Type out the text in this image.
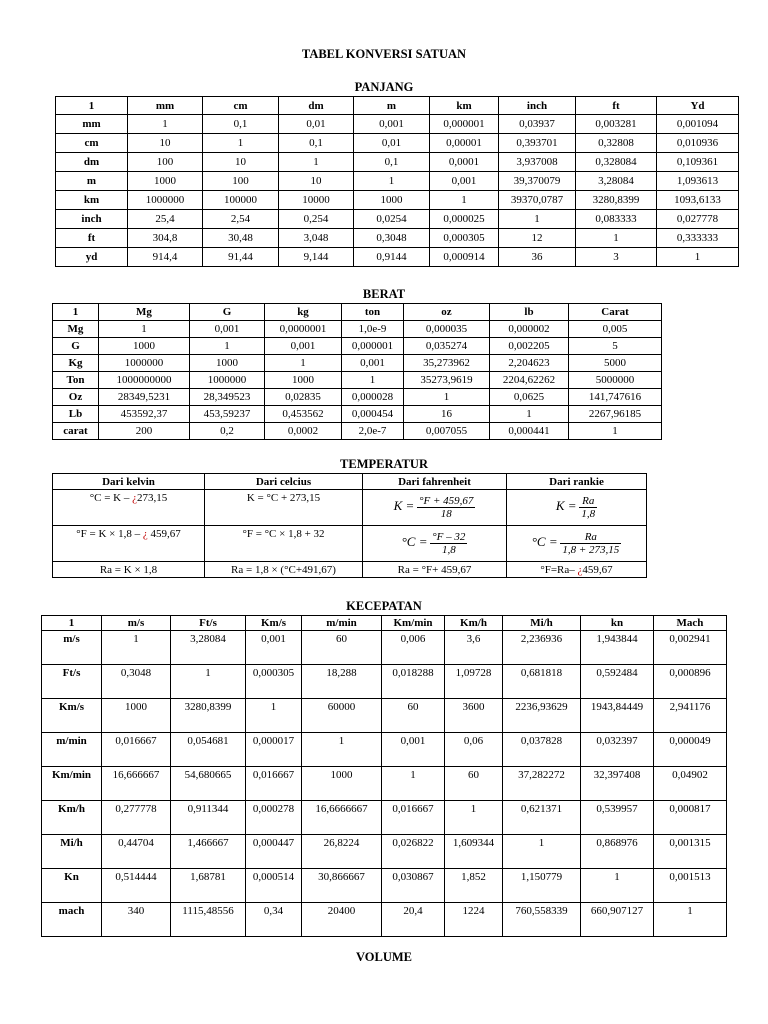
TABEL KONVERSI SATUAN
PANJANG
1	mm	cm	dm	m	km	inch	ft	Yd
mm	1	0,1	0,01	0,001	0,000001	0,03937	0,003281	0,001094
cm	10	1	0,1	0,01	0,00001	0,393701	0,32808	0,010936
dm	100	10	1	0,1	0,0001	3,937008	0,328084	0,109361
m	1000	100	10	1	0,001	39,370079	3,28084	1,093613
km	1000000	100000	10000	1000	1	39370,0787	3280,8399	1093,6133
inch	25,4	2,54	0,254	0,0254	0,000025	1	0,083333	0,027778
ft	304,8	30,48	3,048	0,3048	0,000305	12	1	0,333333
yd	914,4	91,44	9,144	0,9144	0,000914	36	3	1
BERAT
1	Mg	G	kg	ton	oz	lb	Carat
Mg	1	0,001	0,0000001	1,0e-9	0,000035	0,000002	0,005
G	1000	1	0,001	0,000001	0,035274	0,002205	5
Kg	1000000	1000	1	0,001	35,273962	2,204623	5000
Ton	1000000000	1000000	1000	1	35273,9619	2204,62262	5000000
Oz	28349,5231	28,349523	0,02835	0,000028	1	0,0625	141,747616
Lb	453592,37	453,59237	0,453562	0,000454	16	1	2267,96185
carat	200	0,2	0,0002	2,0e-7	0,007055	0,000441	1
TEMPERATUR
Dari kelvin	Dari celcius	Dari fahrenheit	Dari rankie
°C = K – ¿273,15	K = °C + 273,15	$K = \frac{^\circ F + 459,67}{18}$	$K = \frac{Ra}{1,8}$

°F = K × 1,8 – ¿ 459,67	°F = °C × 1,8 + 32	$^\circ C = \frac{^\circ F - 32}{1,8}$	$^\circ C = \frac{Ra}{1,8 + 273,15}$

Ra = K × 1,8	Ra = 1,8 × (°C+491,67)	Ra = °F+ 459,67	°F=Ra– ¿459,67
KECEPATAN
1	m/s	Ft/s	Km/s	m/min	Km/min	Km/h	Mi/h	kn	Mach
m/s	1	3,28084	0,001	60	0,006	3,6	2,236936	1,943844	0,002941
Ft/s	0,3048	1	0,000305	18,288	0,018288	1,09728	0,681818	0,592484	0,000896
Km/s	1000	3280,8399	1	60000	60	3600	2236,93629	1943,84449	2,941176
m/min	0,016667	0,054681	0,000017	1	0,001	0,06	0,037828	0,032397	0,000049
Km/min	16,666667	54,680665	0,016667	1000	1	60	37,282272	32,397408	0,04902
Km/h	0,277778	0,911344	0,000278	16,6666667	0,016667	1	0,621371	0,539957	0,000817
Mi/h	0,44704	1,466667	0,000447	26,8224	0,026822	1,609344	1	0,868976	0,001315
Kn	0,514444	1,68781	0,000514	30,866667	0,030867	1,852	1,150779	1	0,001513
mach	340	1115,48556	0,34	20400	20,4	1224	760,558339	660,907127	1
VOLUME
